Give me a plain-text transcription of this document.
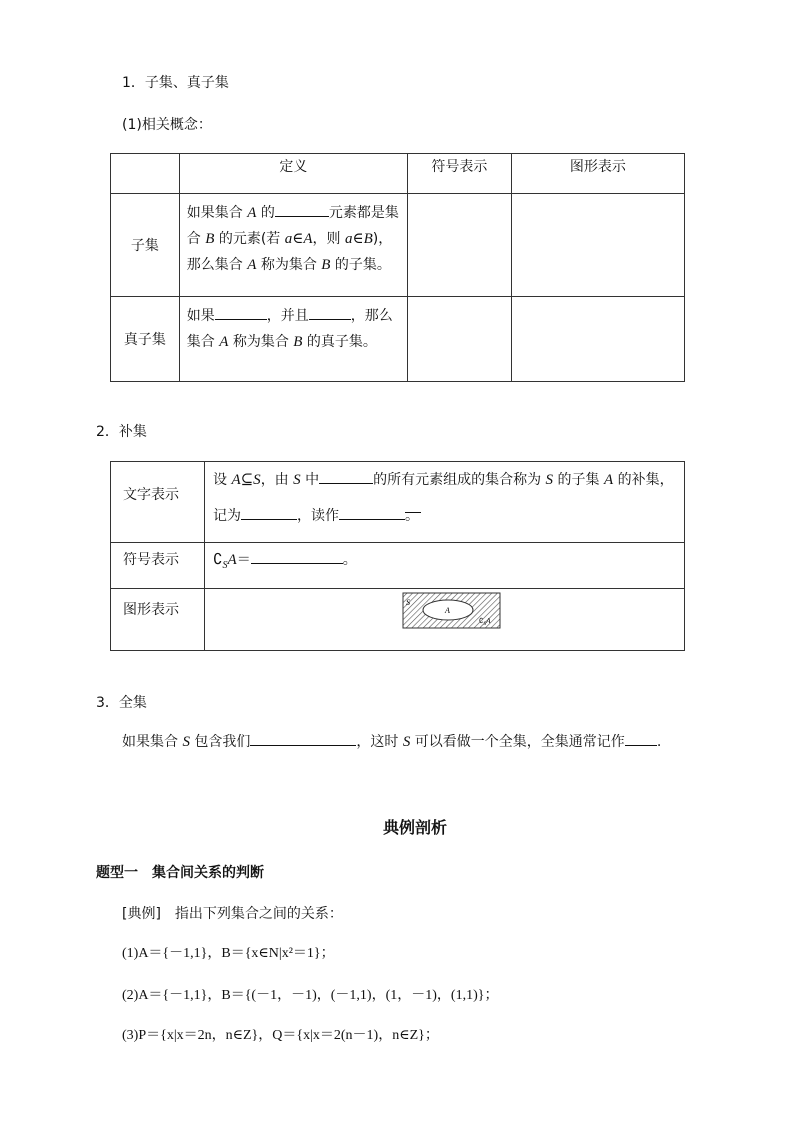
1．子集、真子集
(1)相关概念：
	定义	符号表示	图形表示
子集	如果集合 A 的 元素都是集合 B 的元素(若 a∈A，则 a∈B)，那么集合 A 称为集合 B 的子集。		

真子集	如果 ，并且 ，那么集合 A 称为集合 B 的真子集。		

2．补集
文字表示	设 A⊆S，由 S 中 的所有元素组成的集合称为 S 的子集 A 的补集，
记为 ，读作 。

符号表示	$∁_SA=$ 。
图形表示	S
A
$∁_SA$
3．全集
如果集合 S 包含我们	，这时 S 可以看做一个全集，全集通常记作 .
典例剖析
题型一　集合间关系的判断
[典例]　指出下列集合之间的关系：
(1)A＝{－1,1}，B＝{x∈N|x²＝1}；
(2)A＝{－1,1}，B＝{(－1，－1)，(－1,1)，(1，－1)，(1,1)}；
(3)P＝{x|x＝2n，n∈Z}，Q＝{x|x＝2(n－1)，n∈Z}；
